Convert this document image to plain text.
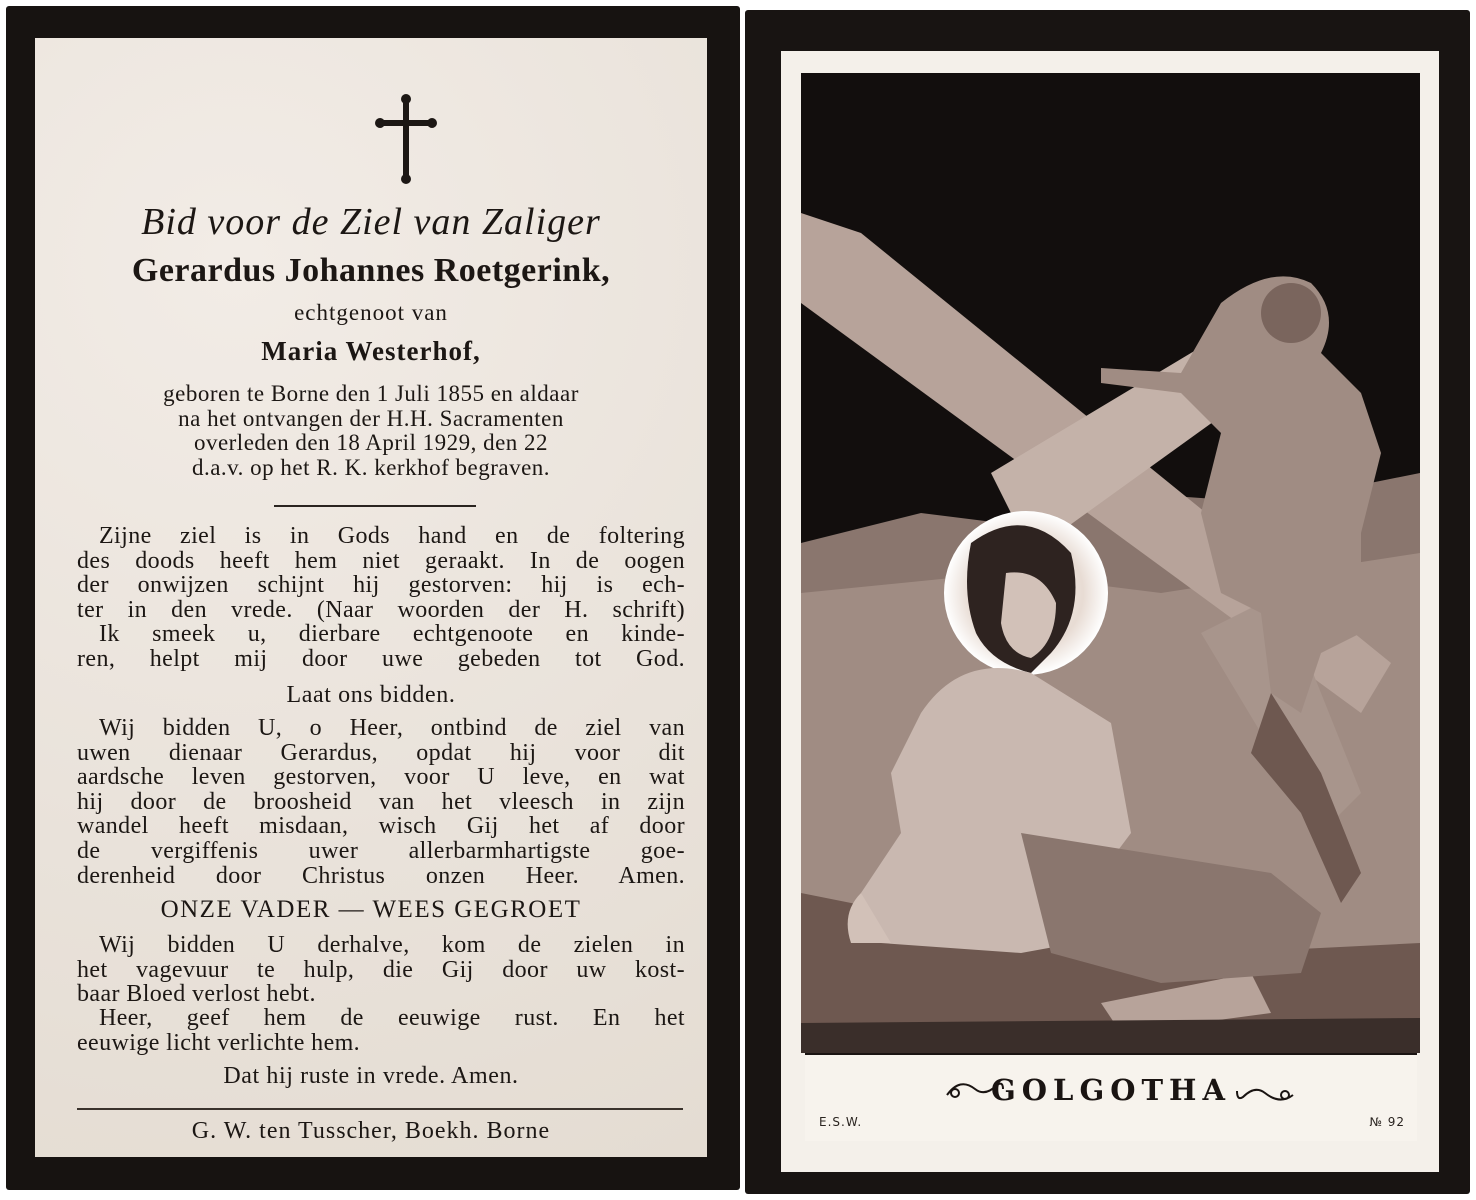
Bid voor de Ziel van Zaliger

Gerardus Johannes Roetgerink,

echtgenoot van

Maria Westerhof,

geboren te Borne den 1 Juli 1855 en aldaar
na het ontvangen der H.H. Sacramenten
overleden den 18 April 1929, den 22
d.a.v. op het R. K. kerkhof begraven.
Zijne ziel is in Gods hand en de foltering
des doods heeft hem niet geraakt. In de oogen
der onwijzen schijnt hij gestorven: hij is ech-
ter in den vrede. (Naar woorden der H. schrift)
Ik smeek u, dierbare echtgenoote en kinde-
ren, helpt mij door uwe gebeden tot God.

Laat ons bidden.

Wij bidden U, o Heer, ontbind de ziel van
uwen dienaar Gerardus, opdat hij voor dit
aardsche leven gestorven, voor U leve, en wat
hij door de broosheid van het vleesch in zijn
wandel heeft misdaan, wisch Gij het af door
de vergiffenis uwer allerbarmhartigste goe-
derenheid door Christus onzen Heer. Amen.

ONZE VADER — WEES GEGROET

Wij bidden U derhalve, kom de zielen in
het vagevuur te hulp, die Gij door uw kost-
baar Bloed verlost hebt.
Heer, geef hem de eeuwige rust. En het
eeuwige licht verlichte hem.

Dat hij ruste in vrede. Amen.

G. W. ten Tusscher, Boekh. Borne

GOLGOTHA
E.S.W.	№ 92
